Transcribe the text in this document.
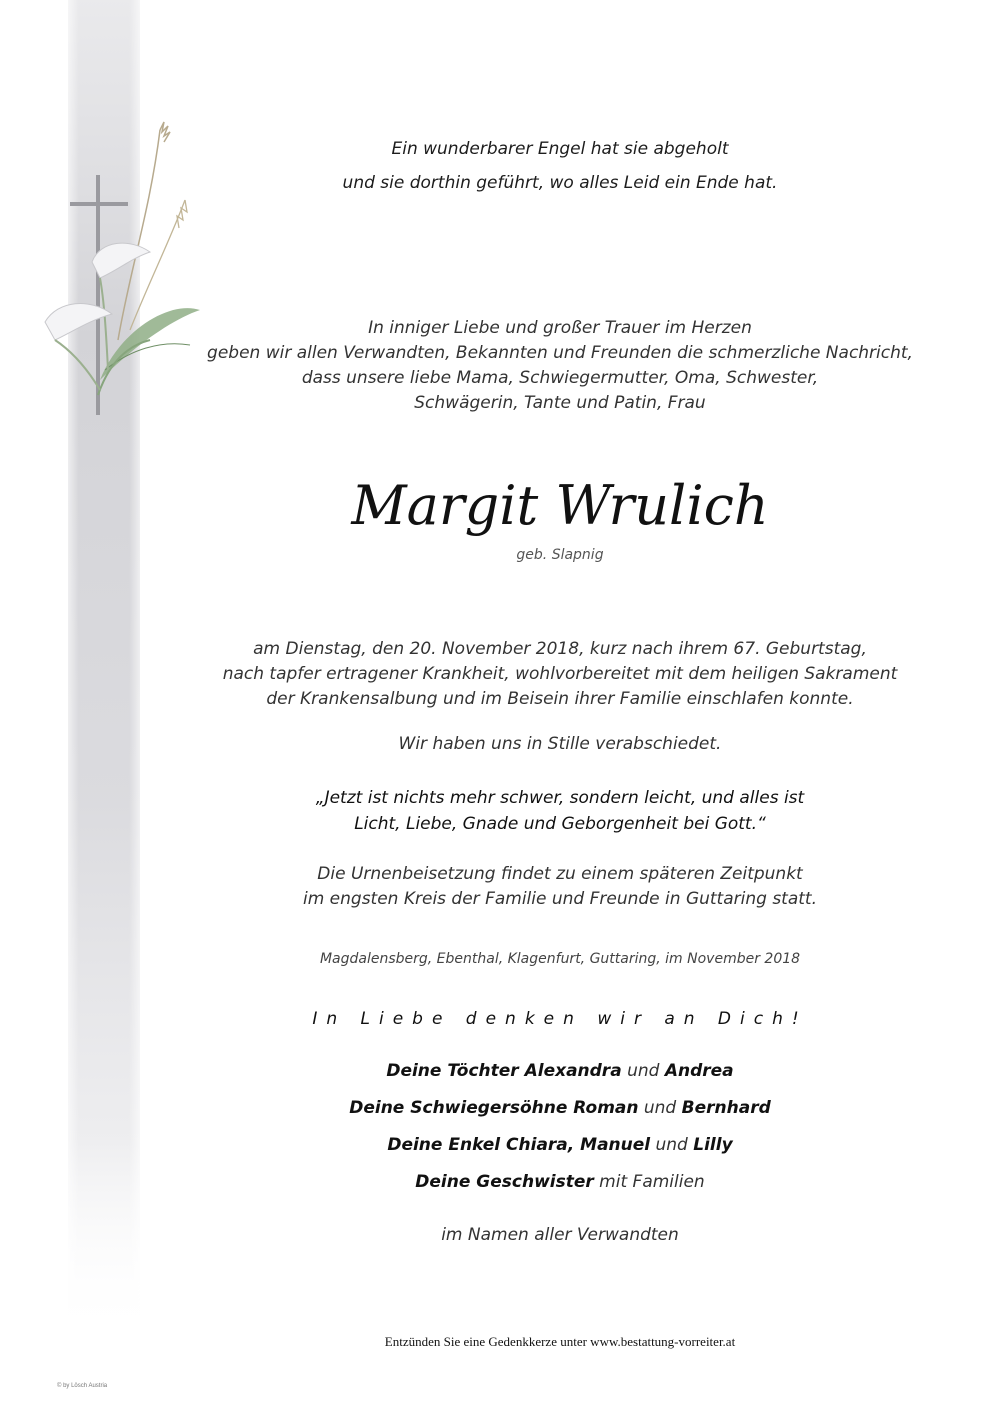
Ein wunderbarer Engel hat sie abgeholt
und sie dorthin geführt, wo alles Leid ein Ende hat.
In inniger Liebe und großer Trauer im Herzen
geben wir allen Verwandten, Bekannten und Freunden die schmerzliche Nachricht,
dass unsere liebe Mama, Schwiegermutter, Oma, Schwester,
Schwägerin, Tante und Patin, Frau
Margit Wrulich
geb. Slapnig
am Dienstag, den 20. November 2018, kurz nach ihrem 67. Geburtstag,
nach tapfer ertragener Krankheit, wohlvorbereitet mit dem heiligen Sakrament
der Krankensalbung und im Beisein ihrer Familie einschlafen konnte.
Wir haben uns in Stille verabschiedet.
„Jetzt ist nichts mehr schwer, sondern leicht, und alles ist
Licht, Liebe, Gnade und Geborgenheit bei Gott.“
Die Urnenbeisetzung findet zu einem späteren Zeitpunkt
im engsten Kreis der Familie und Freunde in Guttaring statt.
Magdalensberg, Ebenthal, Klagenfurt, Guttaring, im November 2018
In Liebe denken wir an Dich!
Deine Töchter Alexandra und Andrea
Deine Schwiegersöhne Roman und Bernhard
Deine Enkel Chiara, Manuel und Lilly
Deine Geschwister mit Familien
im Namen aller Verwandten
Entzünden Sie eine Gedenkkerze unter www.bestattung-vorreiter.at
© by Lösch Austria
